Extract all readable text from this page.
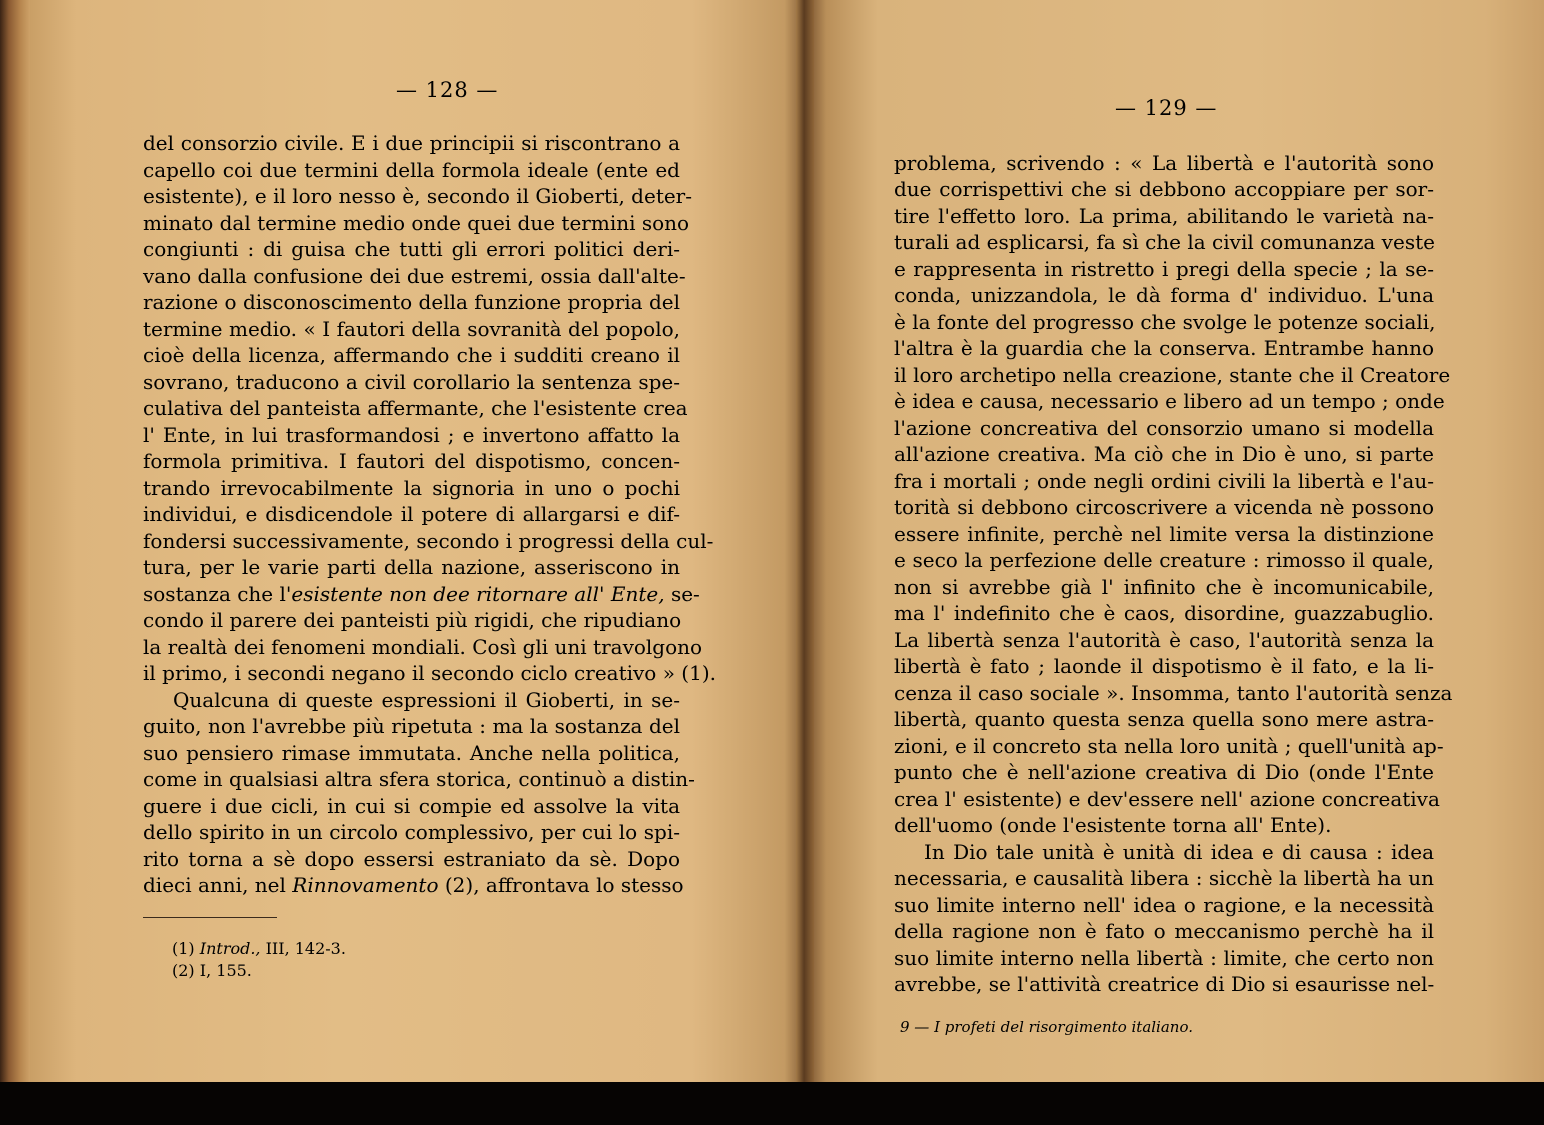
— 128 —
del consorzio civile. E i due principii si riscontrano a
capello coi due termini della formola ideale (ente ed
esistente), e il loro nesso è, secondo il Gioberti, deter-
minato dal termine medio onde quei due termini sono
congiunti : di guisa che tutti gli errori politici deri-
vano dalla confusione dei due estremi, ossia dall'alte-
razione o disconoscimento della funzione propria del
termine medio. « I fautori della sovranità del popolo,
cioè della licenza, affermando che i sudditi creano il
sovrano, traducono a civil corollario la sentenza spe-
culativa del panteista affermante, che l'esistente crea
l' Ente, in lui trasformandosi ; e invertono affatto la
formola primitiva. I fautori del dispotismo, concen-
trando irrevocabilmente la signoria in uno o pochi
individui, e disdicendole il potere di allargarsi e dif-
fondersi successivamente, secondo i progressi della cul-
tura, per le varie parti della nazione, asseriscono in
sostanza che l'esistente non dee ritornare all' Ente, se-
condo il parere dei panteisti più rigidi, che ripudiano
la realtà dei fenomeni mondiali. Così gli uni travolgono
il primo, i secondi negano il secondo ciclo creativo » (1).
Qualcuna di queste espressioni il Gioberti, in se-
guito, non l'avrebbe più ripetuta : ma la sostanza del
suo pensiero rimase immutata. Anche nella politica,
come in qualsiasi altra sfera storica, continuò a distin-
guere i due cicli, in cui si compie ed assolve la vita
dello spirito in un circolo complessivo, per cui lo spi-
rito torna a sè dopo essersi estraniato da sè. Dopo
dieci anni, nel Rinnovamento (2), affrontava lo stesso
(1) Introd., III, 142-3.
(2) I, 155.
— 129 —
problema, scrivendo : « La libertà e l'autorità sono
due corrispettivi che si debbono accoppiare per sor-
tire l'effetto loro. La prima, abilitando le varietà na-
turali ad esplicarsi, fa sì che la civil comunanza veste
e rappresenta in ristretto i pregi della specie ; la se-
conda, unizzandola, le dà forma d' individuo. L'una
è la fonte del progresso che svolge le potenze sociali,
l'altra è la guardia che la conserva. Entrambe hanno
il loro archetipo nella creazione, stante che il Creatore
è idea e causa, necessario e libero ad un tempo ; onde
l'azione concreativa del consorzio umano si modella
all'azione creativa. Ma ciò che in Dio è uno, si parte
fra i mortali ; onde negli ordini civili la libertà e l'au-
torità si debbono circoscrivere a vicenda nè possono
essere infinite, perchè nel limite versa la distinzione
e seco la perfezione delle creature : rimosso il quale,
non si avrebbe già l' infinito che è incomunicabile,
ma l' indefinito che è caos, disordine, guazzabuglio.
La libertà senza l'autorità è caso, l'autorità senza la
libertà è fato ; laonde il dispotismo è il fato, e la li-
cenza il caso sociale ». Insomma, tanto l'autorità senza
libertà, quanto questa senza quella sono mere astra-
zioni, e il concreto sta nella loro unità ; quell'unità ap-
punto che è nell'azione creativa di Dio (onde l'Ente
crea l' esistente) e dev'essere nell' azione concreativa
dell'uomo (onde l'esistente torna all' Ente).
In Dio tale unità è unità di idea e di causa : idea
necessaria, e causalità libera : sicchè la libertà ha un
suo limite interno nell' idea o ragione, e la necessità
della ragione non è fato o meccanismo perchè ha il
suo limite interno nella libertà : limite, che certo non
avrebbe, se l'attività creatrice di Dio si esaurisse nel-
9 — I profeti del risorgimento italiano.
